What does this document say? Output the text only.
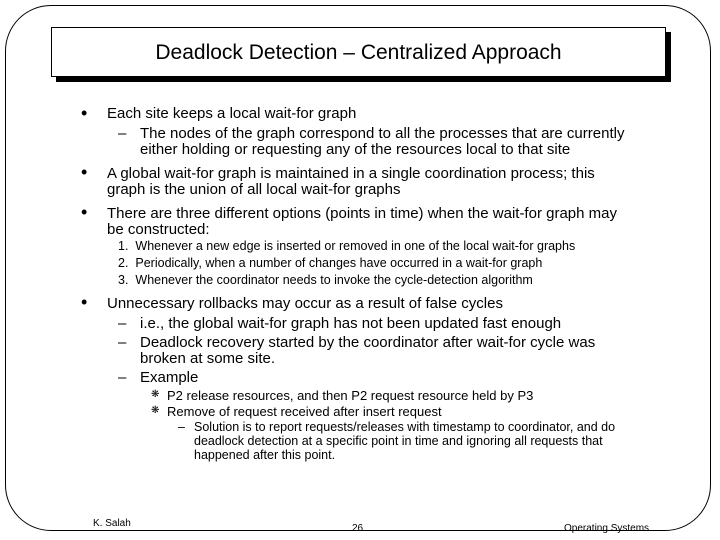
Deadlock Detection – Centralized Approach
• Each site keeps a local wait-for graph
– The nodes of the graph correspond to all the processes that are currently
either holding or requesting any of the resources local to that site
• A global wait-for graph is maintained in a single coordination process; this
graph is the union of all local wait-for graphs
• There are three different options (points in time) when the wait-for graph may
be constructed:
1. Whenever a new edge is inserted or removed in one of the local wait-for graphs
2. Periodically, when a number of changes have occurred in a wait-for graph
3. Whenever the coordinator needs to invoke the cycle-detection algorithm
• Unnecessary rollbacks may occur as a result of false cycles
– i.e., the global wait-for graph has not been updated fast enough
– Deadlock recovery started by the coordinator after wait-for cycle was
broken at some site.
– Example
❋ P2 release resources, and then P2 request resource held by P3
❋ Remove of request received after insert request
– Solution is to report requests/releases with timestamp to coordinator, and do
deadlock detection at a specific point in time and ignoring all requests that
happened after this point.
K. Salah	26	Operating Systems
